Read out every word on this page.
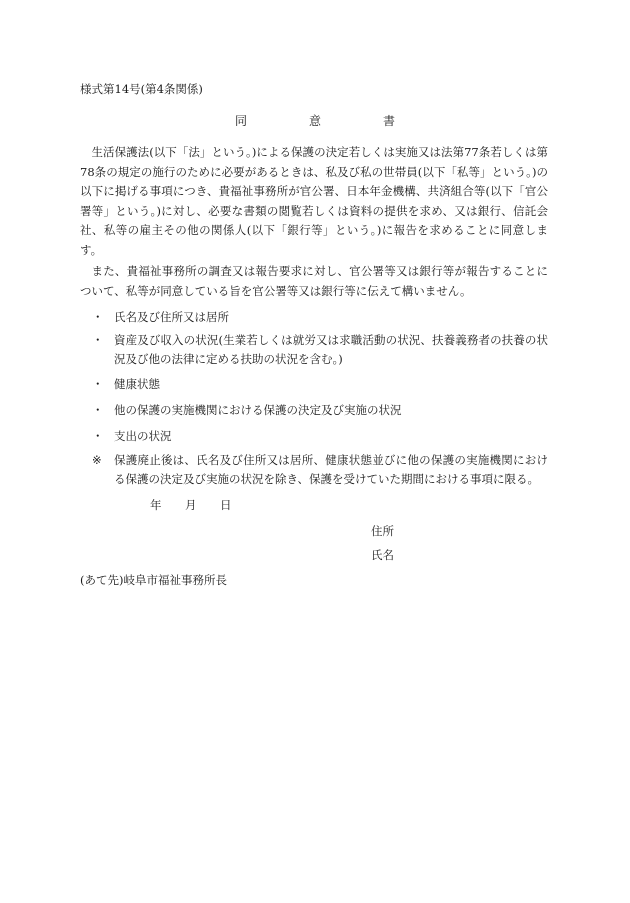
様式第14号(第4条関係)
同	意	書
生活保護法(以下「法」という。)による保護の決定若しくは実施又は法第77条若しくは第78条の規定の施行のために必要があるときは、私及び私の世帯員(以下「私等」という。)の以下に掲げる事項につき、貴福祉事務所が官公署、日本年金機構、共済組合等(以下「官公署等」という。)に対し、必要な書類の閲覧若しくは資料の提供を求め、又は銀行、信託会社、私等の雇主その他の関係人(以下「銀行等」という。)に報告を求めることに同意します。
また、貴福祉事務所の調査又は報告要求に対し、官公署等又は銀行等が報告することについて、私等が同意している旨を官公署等又は銀行等に伝えて構いません。
・ 氏名及び住所又は居所
・ 資産及び収入の状況(生業若しくは就労又は求職活動の状況、扶養義務者の扶養の状況及び他の法律に定める扶助の状況を含む。)
・ 健康状態
・ 他の保護の実施機関における保護の決定及び実施の状況
・ 支出の状況
※	保護廃止後は、氏名及び住所又は居所、健康状態並びに他の保護の実施機関における保護の決定及び実施の状況を除き、保護を受けていた期間における事項に限る。
年	月	日
住所
氏名
(あて先)岐阜市福祉事務所長
